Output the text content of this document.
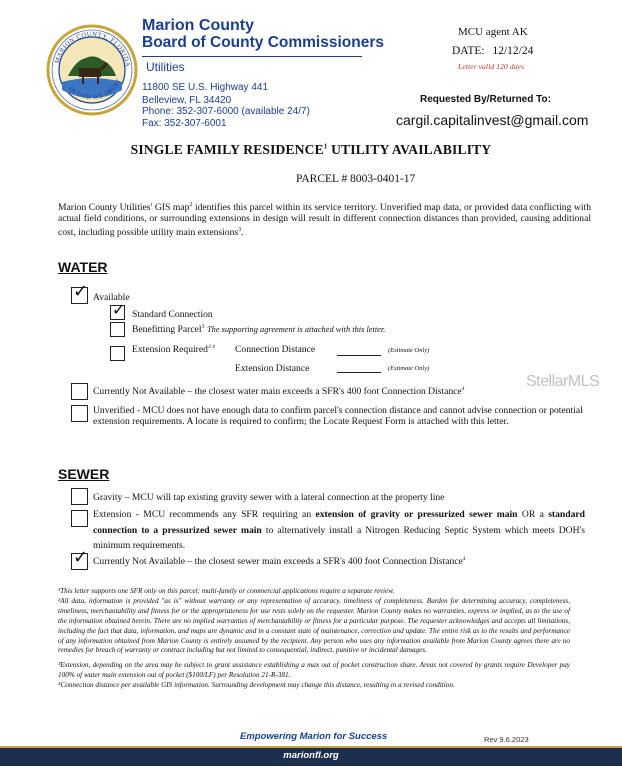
MARION COUNTY, FLORIDA
IN GOD WE TRUST
Marion County
Board of County Commissioners
Utilities
11800 SE U.S. Highway 441
Belleview, FL 34420
Phone: 352-307-6000 (available 24/7)
Fax: 352-307-6001
MCU agent AK
DATE: 12/12/24
Letter valid 120 days
Requested By/Returned To:
cargil.capitalinvest@gmail.com
SINGLE FAMILY RESIDENCE$^1$ UTILITY AVAILABILITY
PARCEL # 8003-0401-17
Marion County Utilities' GIS map$^2$ identifies this parcel within its service territory. Unverified map data, or provided data conflicting with actual field conditions, or surrounding extensions in design will result in different connection distances than provided, causing additional cost, including possible utility main extensions$^3$.
WATER
✓ Available
✓ Standard Connection
Benefitting Parcel$^3$ The supporting agreement is attached with this letter.
Extension Required$^{3 4}$ Connection Distance	(Estimate Only)
Extension Distance	(Estimate Only)
Currently Not Available – the closest water main exceeds a SFR's 400 foot Connection Distance$^4$	StellarMLS
Unverified - MCU does not have enough data to confirm parcel's connection distance and cannot advise connection or potential extension requirements. A locate is required to confirm; the Locate Request Form is attached with this letter.
SEWER
Gravity – MCU will tap existing gravity sewer with a lateral connection at the property line
Extension - MCU recommends any SFR requiring an extension of gravity or pressurized sewer main OR a standard connection to a pressurized sewer main to alternatively install a Nitrogen Reducing Septic System which meets DOH's minimum requirements.
✓ Currently Not Available – the closest sewer main exceeds a SFR's 400 foot Connection Distance$^4$
¹This letter supports one SFR only on this parcel; multi-family or commercial applications require a separate review.
²All data, information is provided "as is" without warranty or any representation of accuracy, timeliness of completeness. Burden for determining accuracy, completeness, timeliness, merchantability and fitness for or the appropriateness for use rests solely on the requester. Marion County makes no warranties, express or implied, as to the use of the information obtained herein. There are no implied warranties of merchantability or fitness for a particular purpose. The requester acknowledges and accepts all limitations, including the fact that data, information, and maps are dynamic and in a constant state of maintenance, correction and update. The entire risk as to the results and performance of any information obtained from Marion County is entirely assumed by the recipient. Any person who uses any information available from Marion County agrees there are no remedies for breach of warranty or contract including but not limited to consequential, indirect, punitive or incidental damages.
³Extension, depending on the area may be subject to grant assistance establishing a max out of pocket construction share. Areas not covered by grants require Developer pay 100% of water main extension out of pocket ($100/LF) per Resolution 21-R-381.
⁴Connection distance per available GIS information. Surrounding development may change this distance, resulting in a revised condition.
Empowering Marion for Success	Rev 9.6.2023
marionfl.org
